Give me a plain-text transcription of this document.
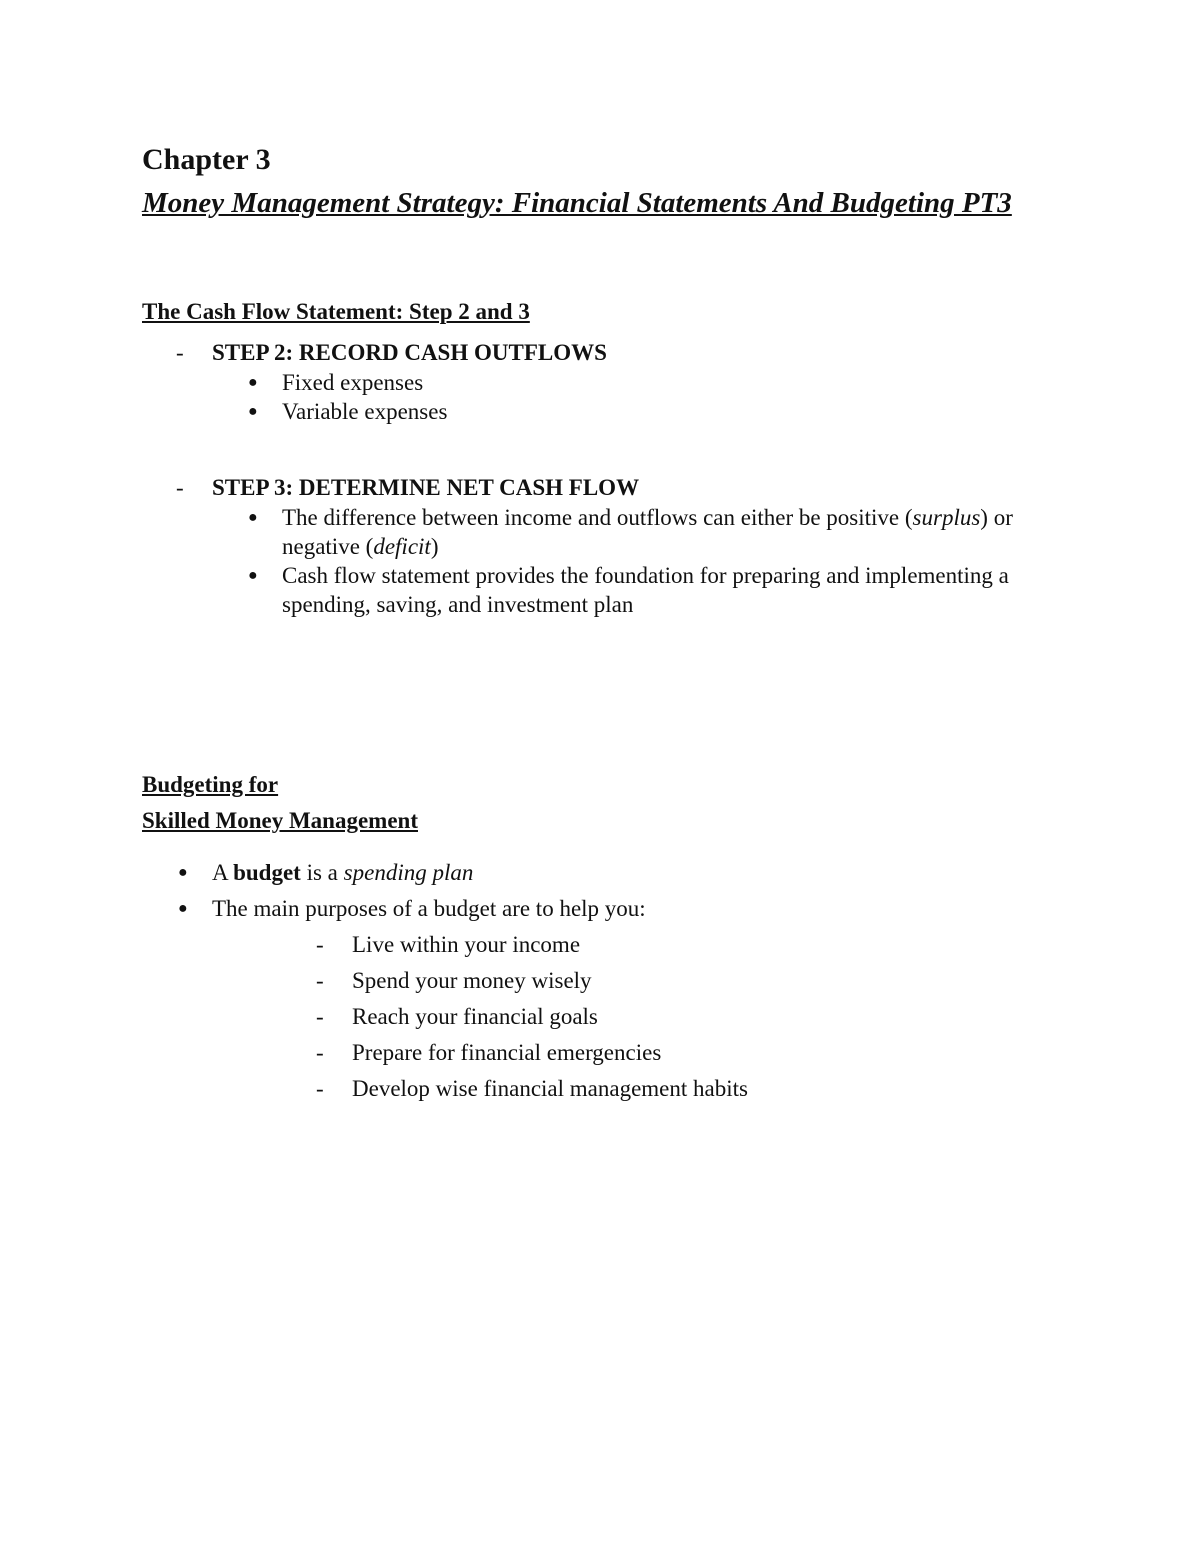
Chapter 3
Money Management Strategy: Financial Statements And Budgeting PT3
The Cash Flow Statement: Step 2 and 3
- STEP 2: RECORD CASH OUTFLOWS
● Fixed expenses
● Variable expenses
- STEP 3: DETERMINE NET CASH FLOW
● The difference between income and outflows can either be positive (surplus) or negative (deficit)
● Cash flow statement provides the foundation for preparing and implementing a spending, saving, and investment plan
Budgeting for
Skilled Money Management
● A budget is a spending plan
● The main purposes of a budget are to help you:
- Live within your income
- Spend your money wisely
- Reach your financial goals
- Prepare for financial emergencies
- Develop wise financial management habits
